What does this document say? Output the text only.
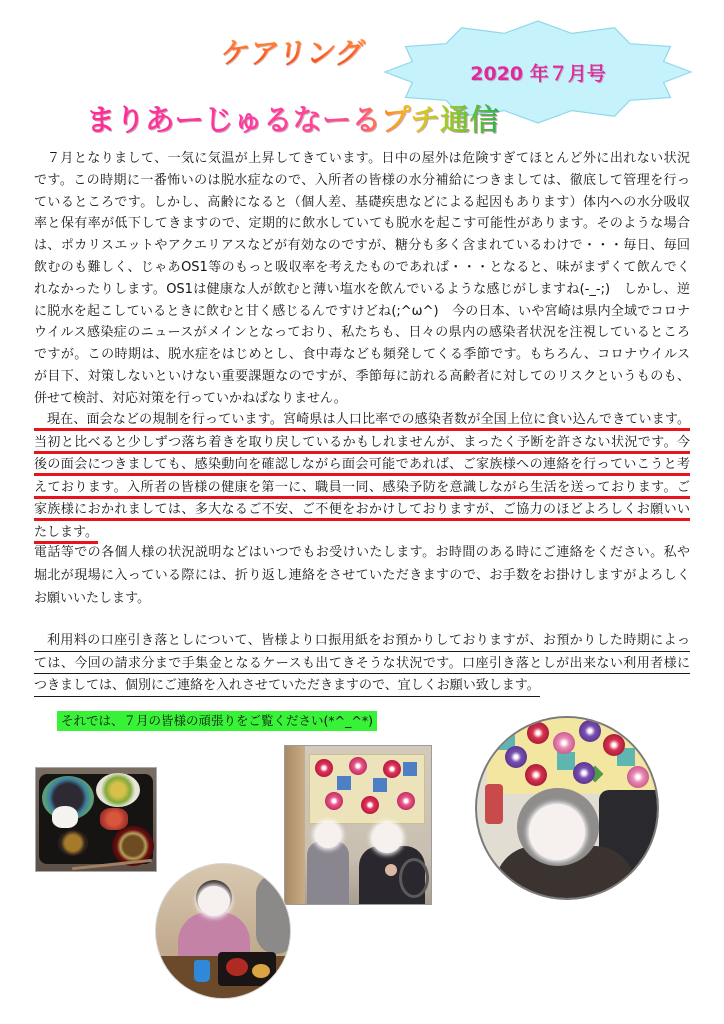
ケアリング
2020 年７月号
まりあーじゅるなーるプチ通信
７月となりまして、一気に気温が上昇してきています。日中の屋外は危険すぎてほとんど外に出れない状況
です。この時期に一番怖いのは脱水症なので、入所者の皆様の水分補給につきましては、徹底して管理を行っ
ているところです。しかし、高齢になると（個人差、基礎疾患などによる起因もあります）体内への水分吸収
率と保有率が低下してきますので、定期的に飲水していても脱水を起こす可能性があります。そのような場合
は、ポカリスエットやアクエリアスなどが有効なのですが、糖分も多く含まれているわけで・・・毎日、毎回
飲むのも難しく、じゃあOS1等のもっと吸収率を考えたものであれば・・・となると、味がまずくて飲んでく
れなかったりします。OS1は健康な人が飲むと薄い塩水を飲んでいるような感じがしますね(-_-;)　しかし、逆
に脱水を起こしているときに飲むと甘く感じるんですけどね(;^ω^)　今の日本、いや宮崎は県内全域でコロナ
ウイルス感染症のニュースがメインとなっており、私たちも、日々の県内の感染者状況を注視しているところ
ですが。この時期は、脱水症をはじめとし、食中毒なども頻発してくる季節です。もちろん、コロナウイルス
が目下、対策しないといけない重要課題なのですが、季節毎に訪れる高齢者に対してのリスクというものも、
併せて検討、対応対策を行っていかねばなりません。
現在、面会などの規制を行っています。宮崎県は人口比率での感染者数が全国上位に食い込んできています。
当初と比べると少しずつ落ち着きを取り戻しているかもしれませんが、まったく予断を許さない状況です。今
後の面会につきましても、感染動向を確認しながら面会可能であれば、ご家族様への連絡を行っていこうと考
えております。入所者の皆様の健康を第一に、職員一同、感染予防を意識しながら生活を送っております。ご
家族様におかれましては、多大なるご不安、ご不便をおかけしておりますが、ご協力のほどよろしくお願いい
たします。
電話等での各個人様の状況説明などはいつでもお受けいたします。お時間のある時にご連絡をください。私や
堀北が現場に入っている際には、折り返し連絡をさせていただきますので、お手数をお掛けしますがよろしく
お願いいたします。
利用料の口座引き落としについて、皆様より口振用紙をお預かりしておりますが、お預かりした時期によっ
ては、今回の請求分まで手集金となるケースも出てきそうな状況です。口座引き落としが出来ない利用者様に
つきましては、個別にご連絡を入れさせていただきますので、宜しくお願い致します。
それでは、７月の皆様の頑張りをご覧ください(*^_^*)
